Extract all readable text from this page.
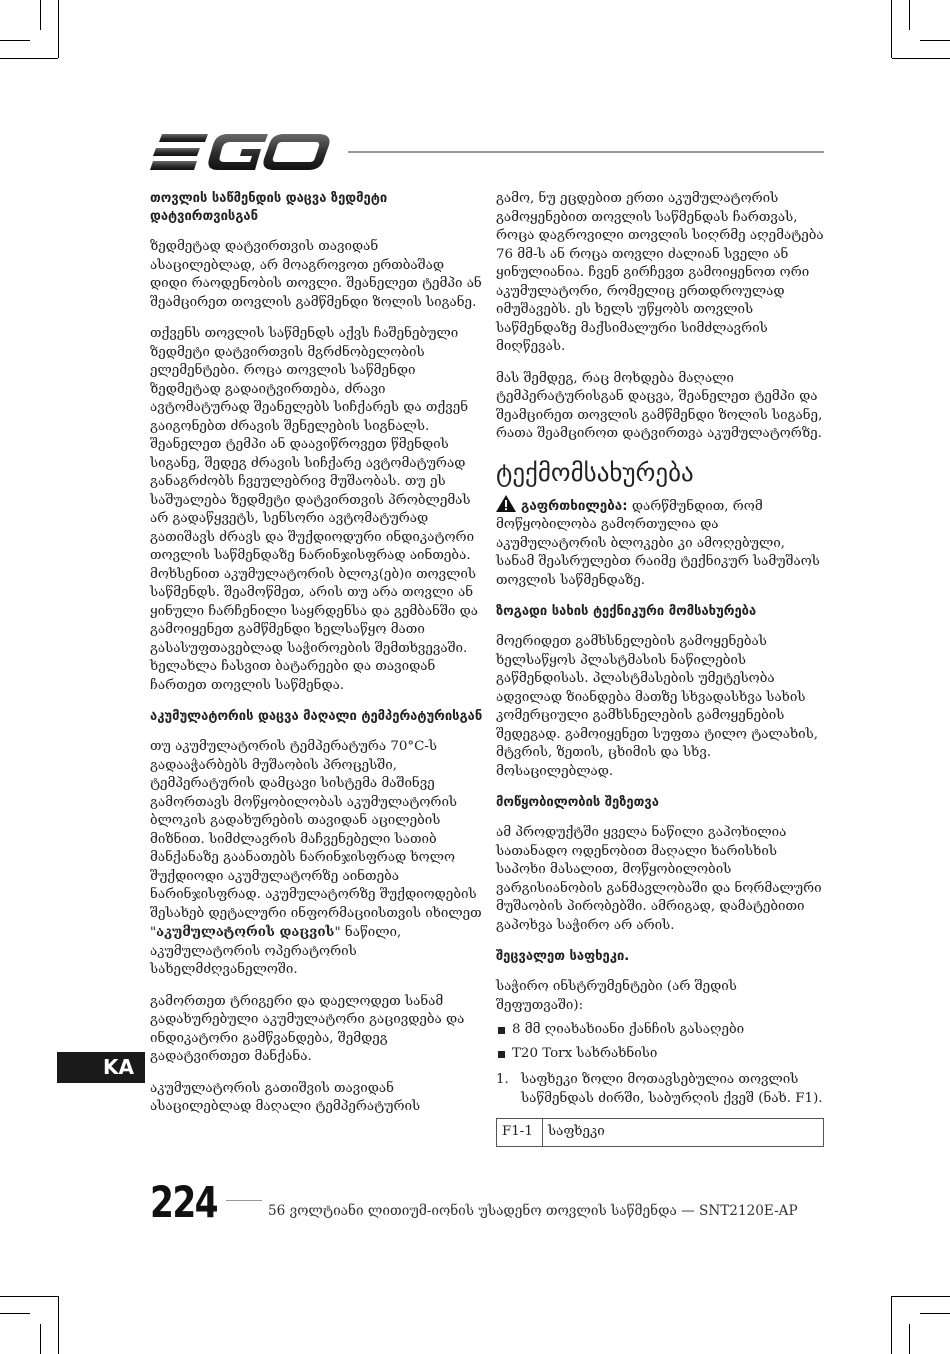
თოვლის საწმენდის დაცვა ზედმეტი დატვირთვისგან

ზედმეტად დატვირთვის თავიდან ასაცილებლად, არ მოაგროვოთ ერთბაშად დიდი რაოდენობის თოვლი. შეანელეთ ტემპი ან შეამცირეთ თოვლის გამწმენდი ზოლის სიგანე.

თქვენს თოვლის საწმენდს აქვს ჩაშენებული ზედმეტი დატვირთვის მგრძნობელობის ელემენტები. როცა თოვლის საწმენდი ზედმეტად გადაიტვირთება, ძრავი ავტომატურად შეანელებს სიჩქარეს და თქვენ გაიგონებთ ძრავის შენელების სიგნალს. შეანელეთ ტემპი ან დაავიწროვეთ წმენდის სიგანე, შედეგ ძრავის სიჩქარე ავტომატურად განაგრძობს ჩვეულებრივ მუშაობას. თუ ეს საშუალება ზედმეტი დატვირთვის პრობლემას არ გადაწყვეტს, სენსორი ავტომატურად გათიშავს ძრავს და შუქდიოდური ინდიკატორი თოვლის საწმენდაზე ნარინჯისფრად აინთება. მოხსენით აკუმულატორის ბლოკ(ებ)ი თოვლის საწმენდს. შეამოწმეთ, არის თუ არა თოვლი ან ყინული ჩარჩენილი საყრდენსა და გემბანში და გამოიყენეთ გამწმენდი ხელსაწყო მათი გასასუფთავებლად საჭიროების შემთხვევაში. ხელახლა ჩასვით ბატარეები და თავიდან ჩართეთ თოვლის საწმენდა.

აკუმულატორის დაცვა მაღალი ტემპერატურისგან

თუ აკუმულატორის ტემპერატურა 70°C-ს გადააჭარბებს მუშაობის პროცესში, ტემპერატურის დამცავი სისტემა მაშინვე გამორთავს მოწყობილობას აკუმულატორის ბლოკის გადახურების თავიდან აცილების მიზნით. სიმძლავრის მაჩვენებელი სათიბ მანქანაზე გაანათებს ნარინჯისფრად ხოლო შუქდიოდი აკუმულატორზე აინთება ნარინჯისფრად. აკუმულატორზე შუქდიოდების შესახებ დეტალური ინფორმაციისთვის იხილეთ "აკუმულატორის დაცვის" ნაწილი, აკუმულატორის ოპერატორის სახელმძღვანელოში.

გამორთეთ ტრიგერი და დაელოდეთ სანამ გადახურებული აკუმულატორი გაცივდება და ინდიკატორი გამწვანდება, შემდეგ გადატვირთეთ მანქანა.

აკუმულატორის გათიშვის თავიდან ასაცილებლად მაღალი ტემპერატურის

გამო, ნუ ეცდებით ერთი აკუმულატორის გამოყენებით თოვლის საწმენდას ჩართვას, როცა დაგროვილი თოვლის სიღრმე აღემატება 76 მმ-ს ან როცა თოვლი ძალიან სველი ან ყინულიანია. ჩვენ გირჩევთ გამოიყენოთ ორი აკუმულატორი, რომელიც ერთდროულად იმუშავებს. ეს ხელს უწყობს თოვლის საწმენდაზე მაქსიმალური სიმძლავრის მიღწევას.

მას შემდეგ, რაც მოხდება მაღალი ტემპერატურისგან დაცვა, შეანელეთ ტემპი და შეამცირეთ თოვლის გამწმენდი ზოლის სიგანე, რათა შეამციროთ დატვირთვა აკუმულატორზე.

ტექმომსახურება

გაფრთხილება: დარწმუნდით, რომ მოწყობილობა გამორთულია და აკუმულატორის ბლოკები კი ამოღებული, სანამ შეასრულებთ რაიმე ტექნიკურ სამუშაოს თოვლის საწმენდაზე.

ზოგადი სახის ტექნიკური მომსახურება

მოერიდეთ გამხსნელების გამოყენებას ხელსაწყოს პლასტმასის ნაწილების გაწმენდისას. პლასტმასების უმეტესობა ადვილად ზიანდება მათზე სხვადასხვა სახის კომერციული გამხსნელების გამოყენების შედეგად. გამოიყენეთ სუფთა ტილო ტალახის, მტვრის, ზეთის, ცხიმის და სხვ. მოსაცილებლად.

მოწყობილობის შეზეთვა

ამ პროდუქტში ყველა ნაწილი გაპოხილია სათანადო ოდენობით მაღალი ხარისხის საპოხი მასალით, მოწყობილობის ვარგისიანობის განმავლობაში და ნორმალური მუშაობის პირობებში. ამრიგად, დამატებითი გაპოხვა საჭირო არ არის.

შეცვალეთ საფხეკი.

საჭირო ინსტრუმენტები (არ შედის შეფუთვაში):

8 მმ ღიახახიანი ქანჩის გასაღები
T20 Torx სახრახნისი
1. საფხეკი ზოლი მოთავსებულია თოვლის საწმენდას ძირში, საბურღის ქვეშ (ნახ. F1).
F1-1	საფხეკი
KA
224	56 ვოლტიანი ლითიუმ-იონის უსადენო თოვლის საწმენდა — SNT2120E-AP
